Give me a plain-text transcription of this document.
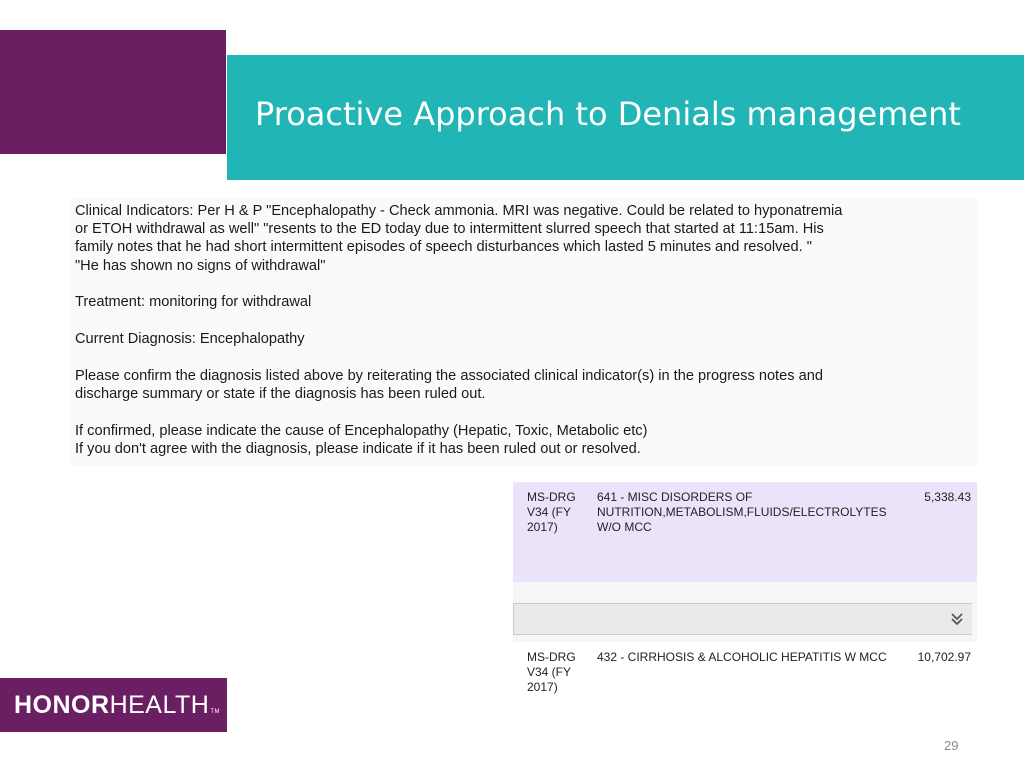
Proactive Approach to Denials management

Clinical Indicators: Per H & P "Encephalopathy - Check ammonia. MRI was negative. Could be related to hyponatremia
or ETOH withdrawal as well" "resents to the ED today due to intermittent slurred speech that started at 11:15am. His
family notes that he had short intermittent episodes of speech disturbances which lasted 5 minutes and resolved. "
"He has shown no signs of withdrawal"

Treatment: monitoring for withdrawal

Current Diagnosis: Encephalopathy

Please confirm the diagnosis listed above by reiterating the associated clinical indicator(s) in the progress notes and
discharge summary or state if the diagnosis has been ruled out.

If confirmed, please indicate the cause of Encephalopathy (Hepatic, Toxic, Metabolic etc)
If you don't agree with the diagnosis, please indicate if it has been ruled out or resolved.

MS-DRG
V34 (FY
2017)
641 - MISC DISORDERS OF
NUTRITION,METABOLISM,FLUIDS/ELECTROLYTES
W/O MCC
5,338.43
MS-DRG
V34 (FY
2017)
432 - CIRRHOSIS & ALCOHOLIC HEPATITIS W MCC	10,702.97
HONORHEALTHTM
29
